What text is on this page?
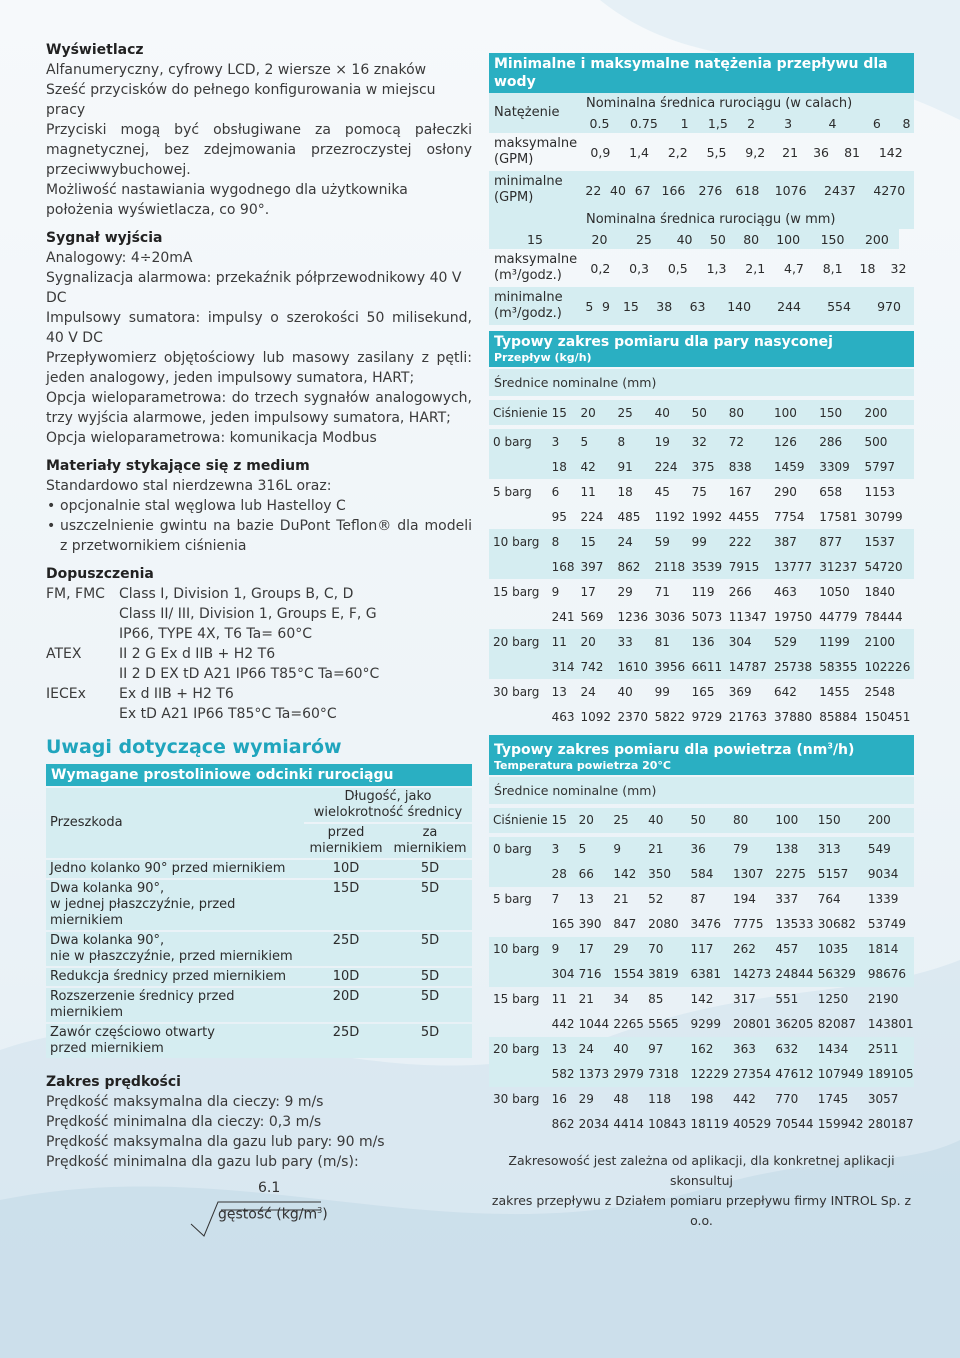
Wyświetlacz

Alfanumeryczny, cyfrowy LCD, 2 wiersze × 16 znaków

Sześć przycisków do pełnego konfigurowania w miejscu pracy

Przyciski mogą być obsługiwane za pomocą pałeczki magnetycznej, bez zdejmowania przezroczystej osłony przeciwwybuchowej.

Możliwość nastawiania wygodnego dla użytkownika położenia wyświetlacza, co 90°.

Sygnał wyjścia

Analogowy: 4÷20mA

Sygnalizacja alarmowa: przekaźnik półprzewodnikowy 40 V DC

Impulsowy sumatora: impulsy o szerokości 50 milisekund, 40 V DC

Przepływomierz objętościowy lub masowy zasilany z pętli: jeden analogowy, jeden impulsowy sumatora, HART;

Opcja wieloparametrowa: do trzech sygnałów analogowych, trzy wyjścia alarmowe, jeden impulsowy sumatora, HART;

Opcja wieloparametrowa: komunikacja Modbus

Materiały stykające się z medium

Standardowo stal nierdzewna 316L oraz:

• opcjonalnie stal węglowa lub Hastelloy C
• uszczelnienie gwintu na bazie DuPont Teflon® dla modeli z przetwornikiem ciśnienia

Dopuszczenia

FM, FMC	Class I, Division 1, Groups B, C, D
Class II/ III, Division 1, Groups E, F, G
IP66, TYPE 4X, T6 Ta= 60°C
ATEX	II 2 G Ex d IIB + H2 T6
II 2 D EX tD A21 IP66 T85°C Ta=60°C
IECEx	Ex d IIB + H2 T6
Ex tD A21 IP66 T85°C Ta=60°C
Uwagi dotyczące wymiarów
Wymagane prostoliniowe odcinki rurociągu
Przeszkoda	Długość, jako wielokrotność średnicy	
	przed miernikiem	za miernikiem
Jedno kolanko 90° przed miernikiem	10D	5D
Dwa kolanka 90°,
w jednej płaszczyźnie, przed miernikiem	15D	5D
Dwa kolanka 90°,
nie w płaszczyźnie, przed miernikiem	25D	5D
Redukcja średnicy przed miernikiem	10D	5D
Rozszerzenie średnicy przed miernikiem	20D	5D
Zawór częściowo otwarty
przed miernikiem	25D	5D

Zakres prędkości

Prędkość maksymalna dla cieczy: 9 m/s

Prędkość minimalna dla cieczy: 0,3 m/s

Prędkość maksymalna dla gazu lub pary: 90 m/s

Prędkość minimalna dla gazu lub pary (m/s):

6.1
gęstość $(kg/m^3)$
Minimalne i maksymalne natężenia przepływu dla wody
Natężenie	Nominalna średnica rurociągu (w calach)
0.5	0.75	1	1,5	2	3	4	6	8
maksymalne (GPM)		0,9	1,4	2,2	5,5	9,2	21	36	81	142

minimalne (GPM)		22	40	67	166	276	618	1076	2437	4270

	Nominalna średnica rurociągu (w mm)
15	20	25	40	50	80	100	150	200
maksymalne (m³/godz.)	0,2	0,3	0,5	1,3	2,1	4,7	8,1	18	32

minimalne (m³/godz.)	5	9	15	38	63	140	244	554	970
Typowy zakres pomiaru dla pary nasyconej
Przepływ (kg/h)
Średnice nominalne (mm)
Ciśnienie	15	20	25	40	50	80	100	150	200

0 barg	3	5	8	19	32	72	126	286	500
	18	42	91	224	375	838	1459	3309	5797
5 barg	6	11	18	45	75	167	290	658	1153
	95	224	485	1192	1992	4455	7754	17581	30799
10 barg	8	15	24	59	99	222	387	877	1537
	168	397	862	2118	3539	7915	13777	31237	54720
15 barg	9	17	29	71	119	266	463	1050	1840
	241	569	1236	3036	5073	11347	19750	44779	78444
20 barg	11	20	33	81	136	304	529	1199	2100
	314	742	1610	3956	6611	14787	25738	58355	102226
30 barg	13	24	40	99	165	369	642	1455	2548
	463	1092	2370	5822	9729	21763	37880	85884	150451
Typowy zakres pomiaru dla powietrza $(nm^3/h)$
Temperatura powietrza 20°C
Średnice nominalne (mm)
Ciśnienie	15	20	25	40	50	80	100	150	200

0 barg	3	5	9	21	36	79	138	313	549
	28	66	142	350	584	1307	2275	5157	9034
5 barg	7	13	21	52	87	194	337	764	1339
	165	390	847	2080	3476	7775	13533	30682	53749
10 barg	9	17	29	70	117	262	457	1035	1814
	304	716	1554	3819	6381	14273	24844	56329	98676
15 barg	11	21	34	85	142	317	551	1250	2190
	442	1044	2265	5565	9299	20801	36205	82087	143801
20 barg	13	24	40	97	162	363	632	1434	2511
	582	1373	2979	7318	12229	27354	47612	107949	189105
30 barg	16	29	48	118	198	442	770	1745	3057
	862	2034	4414	10843	18119	40529	70544	159942	280187
Zakresowość jest zależna od aplikacji, dla konkretnej aplikacji skonsultuj
zakres przepływu z Działem pomiaru przepływu firmy INTROL Sp. z o.o.
